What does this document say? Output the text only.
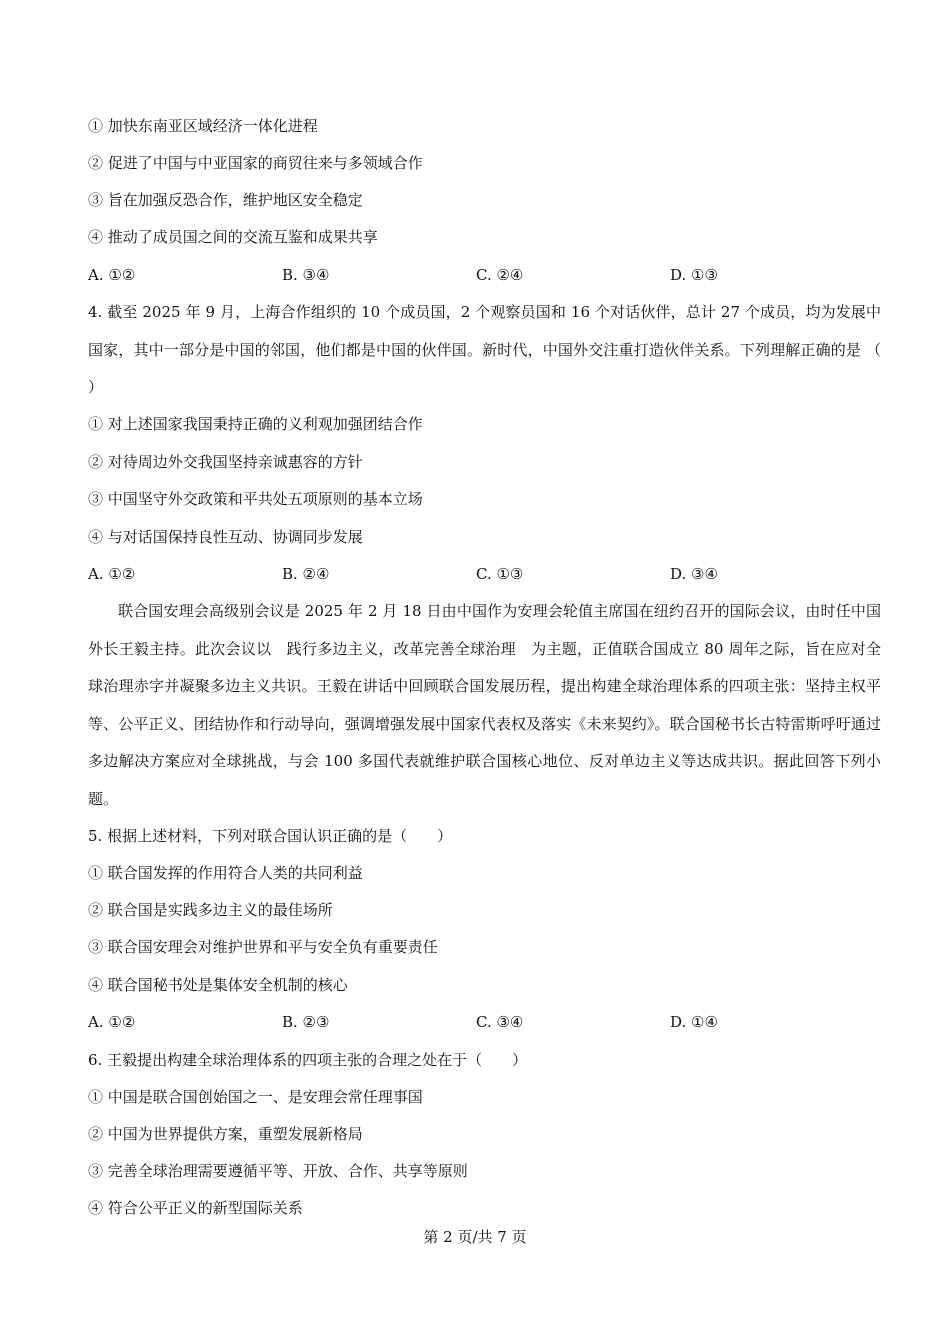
① 加快东南亚区域经济一体化进程
② 促进了中国与中亚国家的商贸往来与多领域合作
③ 旨在加强反恐合作，维护地区安全稳定
④ 推动了成员国之间的交流互鉴和成果共享
A. ①②	B. ③④	C. ②④	D. ①③
4. 截至 2025 年 9 月，上海合作组织的 10 个成员国，2 个观察员国和 16 个对话伙伴，总计 27 个成员，均为发展中国家，其中一部分是中国的邻国，他们都是中国的伙伴国。新时代，中国外交注重打造伙伴关系。下列理解正确的是 （　　）
① 对上述国家我国秉持正确的义利观加强团结合作
② 对待周边外交我国坚持亲诚惠容的方针
③ 中国坚守外交政策和平共处五项原则的基本立场
④ 与对话国保持良性互动、协调同步发展
A. ①②	B. ②④	C. ①③	D. ③④
联合国安理会高级别会议是 2025 年 2 月 18 日由中国作为安理会轮值主席国在纽约召开的国际会议，由时任中国外长王毅主持。此次会议以　践行多边主义，改革完善全球治理　为主题，正值联合国成立 80 周年之际，旨在应对全球治理赤字并凝聚多边主义共识。王毅在讲话中回顾联合国发展历程，提出构建全球治理体系的四项主张：坚持主权平等、公平正义、团结协作和行动导向，强调增强发展中国家代表权及落实《未来契约》。联合国秘书长古特雷斯呼吁通过多边解决方案应对全球挑战，与会 100 多国代表就维护联合国核心地位、反对单边主义等达成共识。据此回答下列小题。
5. 根据上述材料，下列对联合国认识正确的是（　　）
① 联合国发挥的作用符合人类的共同利益
② 联合国是实践多边主义的最佳场所
③ 联合国安理会对维护世界和平与安全负有重要责任
④ 联合国秘书处是集体安全机制的核心
A. ①②	B. ②③	C. ③④	D. ①④
6. 王毅提出构建全球治理体系的四项主张的合理之处在于（　　）
① 中国是联合国创始国之一、是安理会常任理事国
② 中国为世界提供方案，重塑发展新格局
③ 完善全球治理需要遵循平等、开放、合作、共享等原则
④ 符合公平正义的新型国际关系
第 2 页/共 7 页
